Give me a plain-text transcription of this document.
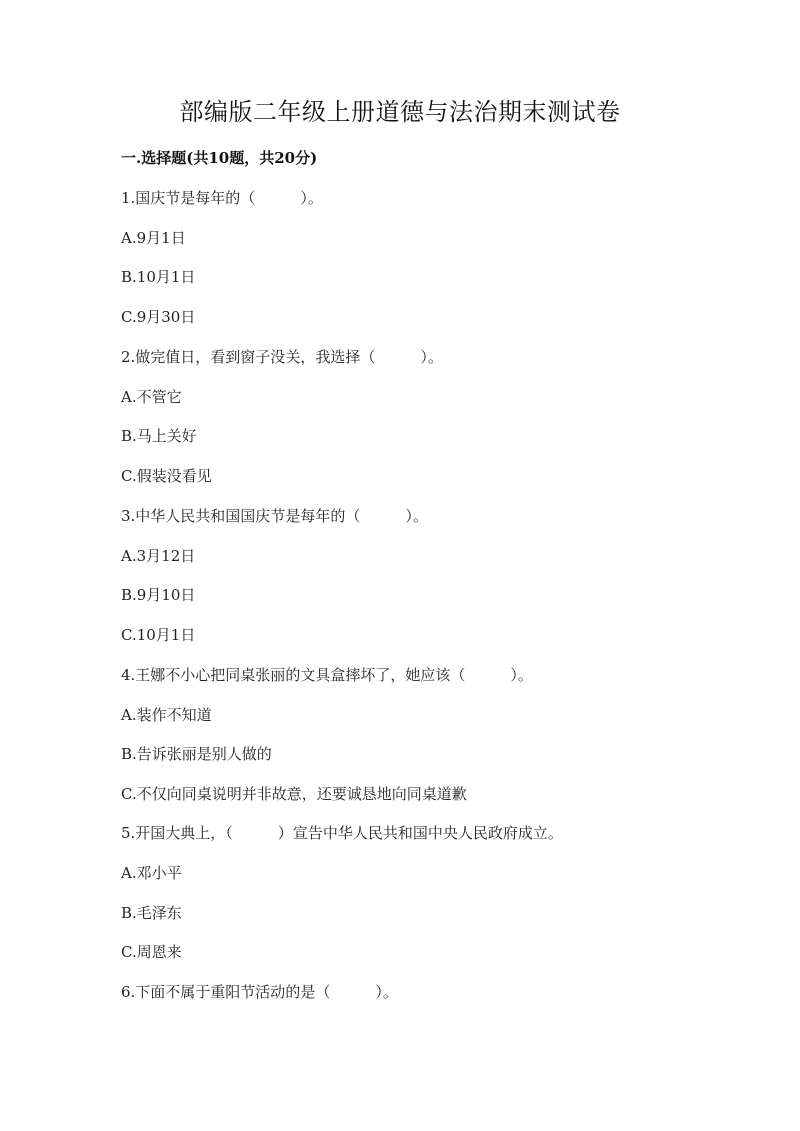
部编版二年级上册道德与法治期末测试卷
一.选择题(共10题，共20分)
1.国庆节是每年的（　　　）。
A.9月1日
B.10月1日
C.9月30日
2.做完值日，看到窗子没关，我选择（　　　）。
A.不管它
B.马上关好
C.假装没看见
3.中华人民共和国国庆节是每年的（　　　）。
A.3月12日
B.9月10日
C.10月1日
4.王娜不小心把同桌张丽的文具盒摔坏了，她应该（　　　）。
A.装作不知道
B.告诉张丽是别人做的
C.不仅向同桌说明并非故意，还要诚恳地向同桌道歉
5.开国大典上，（　　　）宣告中华人民共和国中央人民政府成立。
A.邓小平
B.毛泽东
C.周恩来
6.下面不属于重阳节活动的是（　　　）。
